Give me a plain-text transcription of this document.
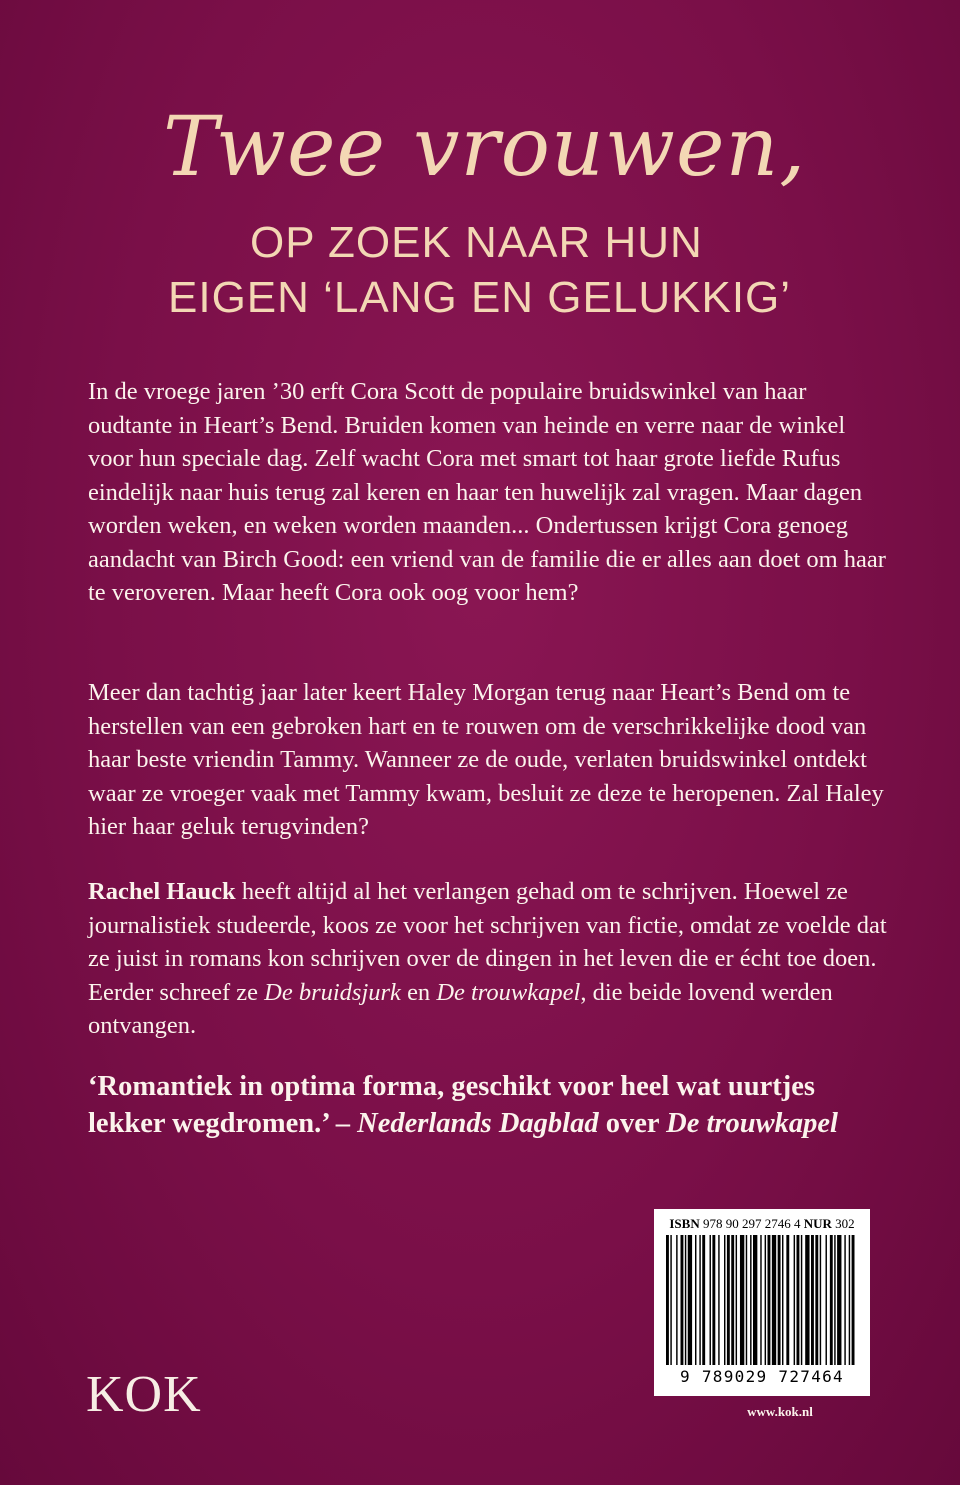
Twee vrouwen,
OP ZOEK NAAR HUN
EIGEN ‘LANG EN GELUKKIG’

In de vroege jaren ’30 erft Cora Scott de populaire bruidswinkel van haar oudtante in Heart’s Bend. Bruiden komen van heinde en verre naar de winkel voor hun speciale dag. Zelf wacht Cora met smart tot haar grote liefde Rufus eindelijk naar huis terug zal keren en haar ten huwelijk zal vragen. Maar dagen worden weken, en weken worden maanden... Ondertussen krijgt Cora genoeg aandacht van Birch Good: een vriend van de familie die er alles aan doet om haar te veroveren. Maar heeft Cora ook oog voor hem?

Meer dan tachtig jaar later keert Haley Morgan terug naar Heart’s Bend om te herstellen van een gebroken hart en te rouwen om de verschrikkelijke dood van haar beste vriendin Tammy. Wanneer ze de oude, verlaten bruidswinkel ontdekt waar ze vroeger vaak met Tammy kwam, besluit ze deze te heropenen. Zal Haley hier haar geluk terugvinden?

Rachel Hauck heeft altijd al het verlangen gehad om te schrijven. Hoewel ze journalistiek studeerde, koos ze voor het schrijven van fictie, omdat ze voelde dat ze juist in romans kon schrijven over de dingen in het leven die er écht toe doen. Eerder schreef ze De bruidsjurk en De trouwkapel, die beide lovend werden ontvangen.

‘Romantiek in optima forma, geschikt voor heel wat uurtjes lekker wegdromen.’ – Nederlands Dagblad over De trouwkapel

ISBN 978 90 297 2746 4 NUR 302
9 789029 727464
www.kok.nl
KOK
